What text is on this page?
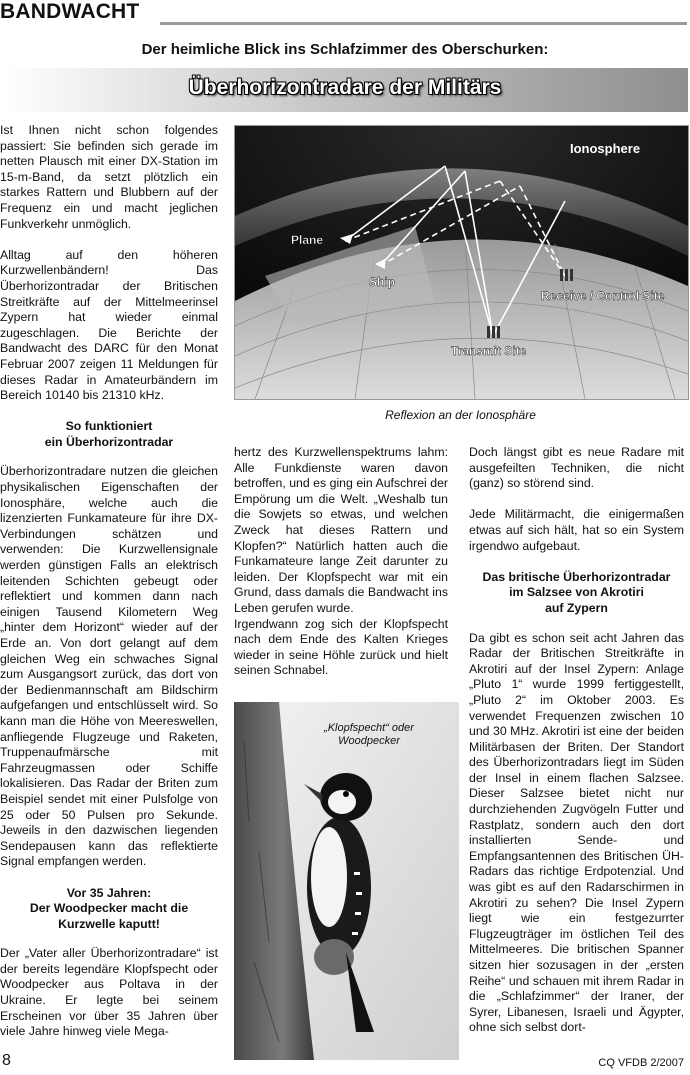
BANDWACHT
Der heimliche Blick ins Schlafzimmer des Oberschurken:
Überhorizontradare der Militärs

Ist Ihnen nicht schon folgendes passiert: Sie befinden sich gerade im netten Plausch mit einer DX-Station im 15-m-Band, da setzt plötzlich ein starkes Rattern und Blubbern auf der Frequenz ein und macht jeglichen Funkverkehr unmöglich.

Alltag auf den höheren Kurzwellenbändern! Das Überhorizontradar der Britischen Streitkräfte auf der Mittelmeerinsel Zypern hat wieder einmal zugeschlagen. Die Berichte der Bandwacht des DARC für den Monat Februar 2007 zeigen 11 Meldungen für dieses Radar in Amateurbändern im Bereich 10140 bis 21310 kHz.

So funktioniert
ein Überhorizontradar

Überhorizontradare nutzen die gleichen physikalischen Eigenschaften der Ionosphäre, welche auch die lizenzierten Funkamateure für ihre DX-Verbindungen schätzen und verwenden: Die Kurzwellensignale werden günstigen Falls an elektrisch leitenden Schichten gebeugt oder reflektiert und kommen dann nach einigen Tausend Kilometern Weg „hinter dem Horizont“ wieder auf der Erde an. Von dort gelangt auf dem gleichen Weg ein schwaches Signal zum Ausgangsort zurück, das dort von der Bedienmannschaft am Bildschirm aufgefangen und entschlüsselt wird. So kann man die Höhe von Meereswellen, anfliegende Flugzeuge und Raketen, Truppenaufmärsche mit Fahrzeugmassen oder Schiffe lokalisieren. Das Radar der Briten zum Beispiel sendet mit einer Pulsfolge von 25 oder 50 Pulsen pro Sekunde. Jeweils in den dazwischen liegenden Sendepausen kann das reflektierte Signal empfangen werden.

Vor 35 Jahren:
Der Woodpecker macht die
Kurzwelle kaputt!

Der „Vater aller Überhorizontradare“ ist der bereits legendäre Klopfspecht oder Woodpecker aus Poltava in der Ukraine. Er legte bei seinem Erscheinen vor über 35 Jahren über viele Jahre hinweg viele Mega-

Ionosphere
Plane
Ship
Receive / Control Site
Transmit Site
Reflexion an der Ionosphäre

hertz des Kurzwellenspektrums lahm: Alle Funkdienste waren davon betroffen, und es ging ein Aufschrei der Empörung um die Welt. „Weshalb tun die Sowjets so etwas, und welchen Zweck hat dieses Rattern und Klopfen?“ Natürlich hatten auch die Funkamateure lange Zeit darunter zu leiden. Der Klopfspecht war mit ein Grund, dass damals die Bandwacht ins Leben gerufen wurde.

Irgendwann zog sich der Klopfspecht nach dem Ende des Kalten Krieges wieder in seine Höhle zurück und hielt seinen Schnabel.

„Klopfspecht“ oder
Woodpecker

Doch längst gibt es neue Radare mit ausgefeilten Techniken, die nicht (ganz) so störend sind.

Jede Militärmacht, die einigermaßen etwas auf sich hält, hat so ein System irgendwo aufgebaut.

Das britische Überhorizontradar
im Salzsee von Akrotiri
auf Zypern

Da gibt es schon seit acht Jahren das Radar der Britischen Streitkräfte in Akrotiri auf der Insel Zypern: Anlage „Pluto 1“ wurde 1999 fertiggestellt, „Pluto 2“ im Oktober 2003. Es verwendet Frequenzen zwischen 10 und 30 MHz. Akrotiri ist eine der beiden Militärbasen der Briten. Der Standort des Überhorizontradars liegt im Süden der Insel in einem flachen Salzsee. Dieser Salzsee bietet nicht nur durchziehenden Zugvögeln Futter und Rastplatz, sondern auch den dort installierten Sende- und Empfangsantennen des Britischen ÜH-Radars das richtige Erdpotenzial. Und was gibt es auf den Radarschirmen in Akrotiri zu sehen? Die Insel Zypern liegt wie ein festgezurrter Flugzeugträger im östlichen Teil des Mittelmeeres. Die britischen Spanner sitzen hier sozusagen in der „ersten Reihe“ und schauen mit ihrem Radar in die „Schlafzimmer“ der Iraner, der Syrer, Libanesen, Israeli und Ägypter, ohne sich selbst dort-

8	CQ VFDB 2/2007
